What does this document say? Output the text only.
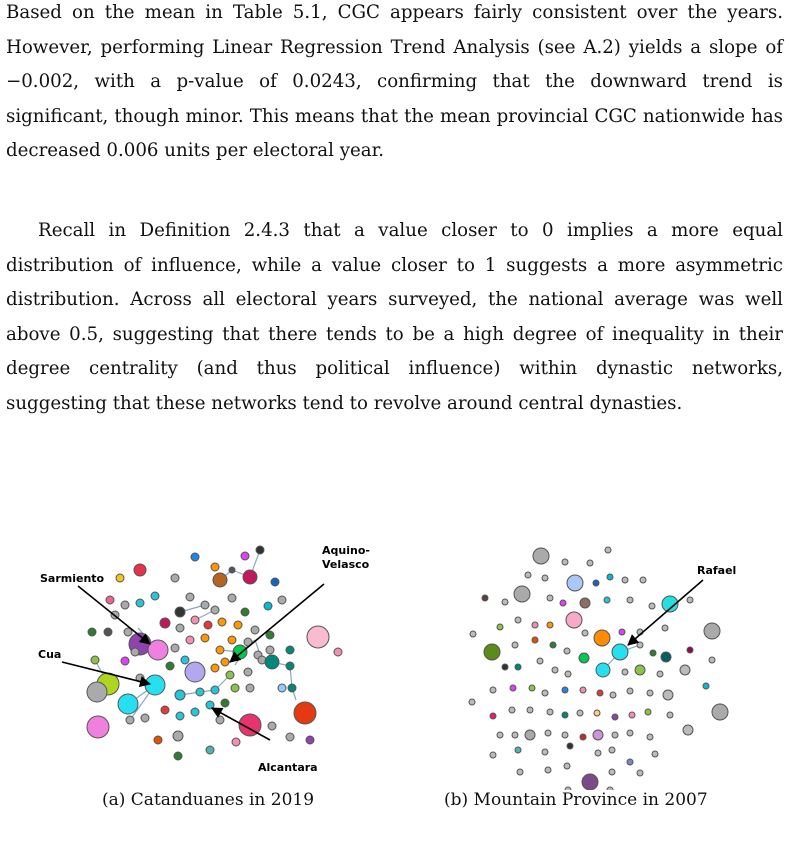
Based on the mean in Table 5.1, CGC appears fairly consistent over the years. However, performing Linear Regression Trend Analysis (see A.2) yields a slope of −0.002, with a p-value of 0.0243, confirming that the downward trend is significant, though minor. This means that the mean provincial CGC nationwide has decreased 0.006 units per electoral year.

Recall in Definition 2.4.3 that a value closer to 0 implies a more equal distribution of influence, while a value closer to 1 suggests a more asymmetric distribution. Across all electoral years surveyed, the national average was well above 0.5, suggesting that there tends to be a high degree of inequality in their degree centrality (and thus political influence) within dynastic networks, suggesting that these networks tend to revolve around central dynasties.

Sarmiento
Aquino-
Velasco
Cua
Alcantara
Rafael
(a) Catanduanes in 2019	(b) Mountain Province in 2007
